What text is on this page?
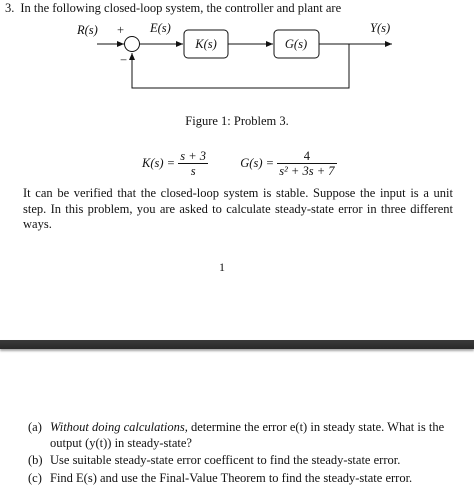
3. In the following closed-loop system, the controller and plant are
R(s) +
−
E(s)	Y(s)
K(s)	G(s)
Figure 1: Problem 3.
$K(s) = \frac{s + 3}{s}$	$G(s) = \frac{4}{\text{s² + 3s + 7}}$
It can be verified that the closed-loop system is stable. Suppose the input is a unit step. In this problem, you are asked to calculate steady-state error in three different ways.
1
(a) Without doing calculations, determine the error e(t) in steady state. What is the output (y(t)) in steady-state?
(b) Use suitable steady-state error coefficent to find the steady-state error.
(c) Find E(s) and use the Final-Value Theorem to find the steady-state error.
